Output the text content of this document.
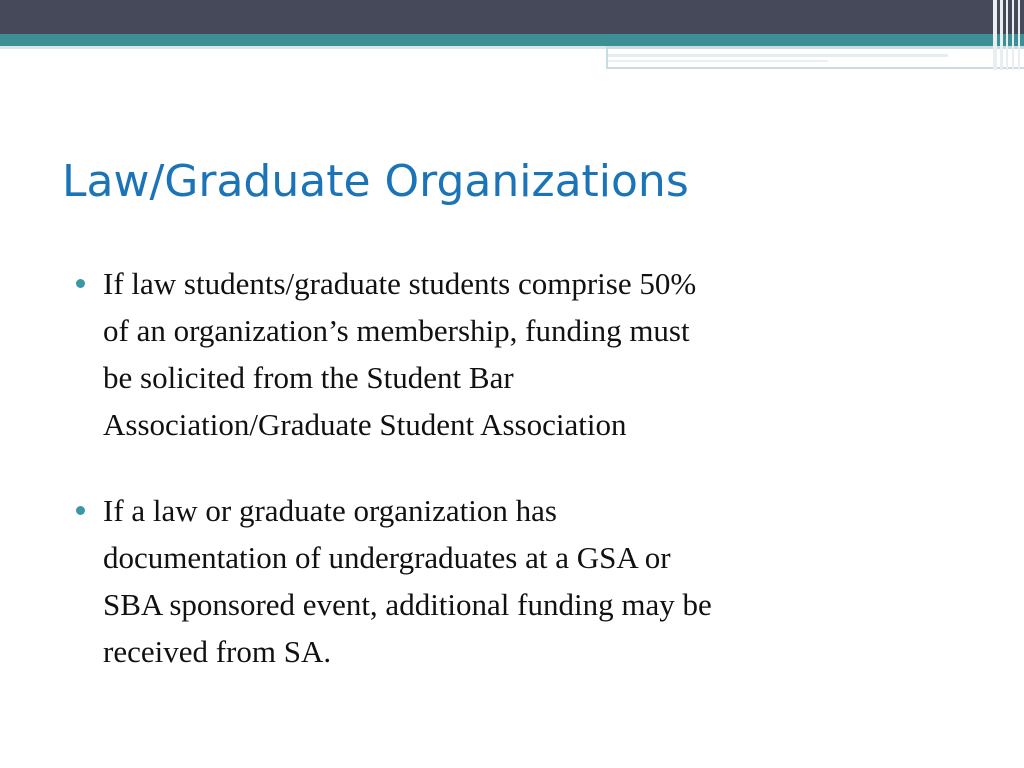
Law/Graduate Organizations
If law students/graduate students comprise 50%
of an organization’s membership, funding must
be solicited from the Student Bar
Association/Graduate Student Association
If a law or graduate organization has
documentation of undergraduates at a GSA or
SBA sponsored event, additional funding may be
received from SA.
